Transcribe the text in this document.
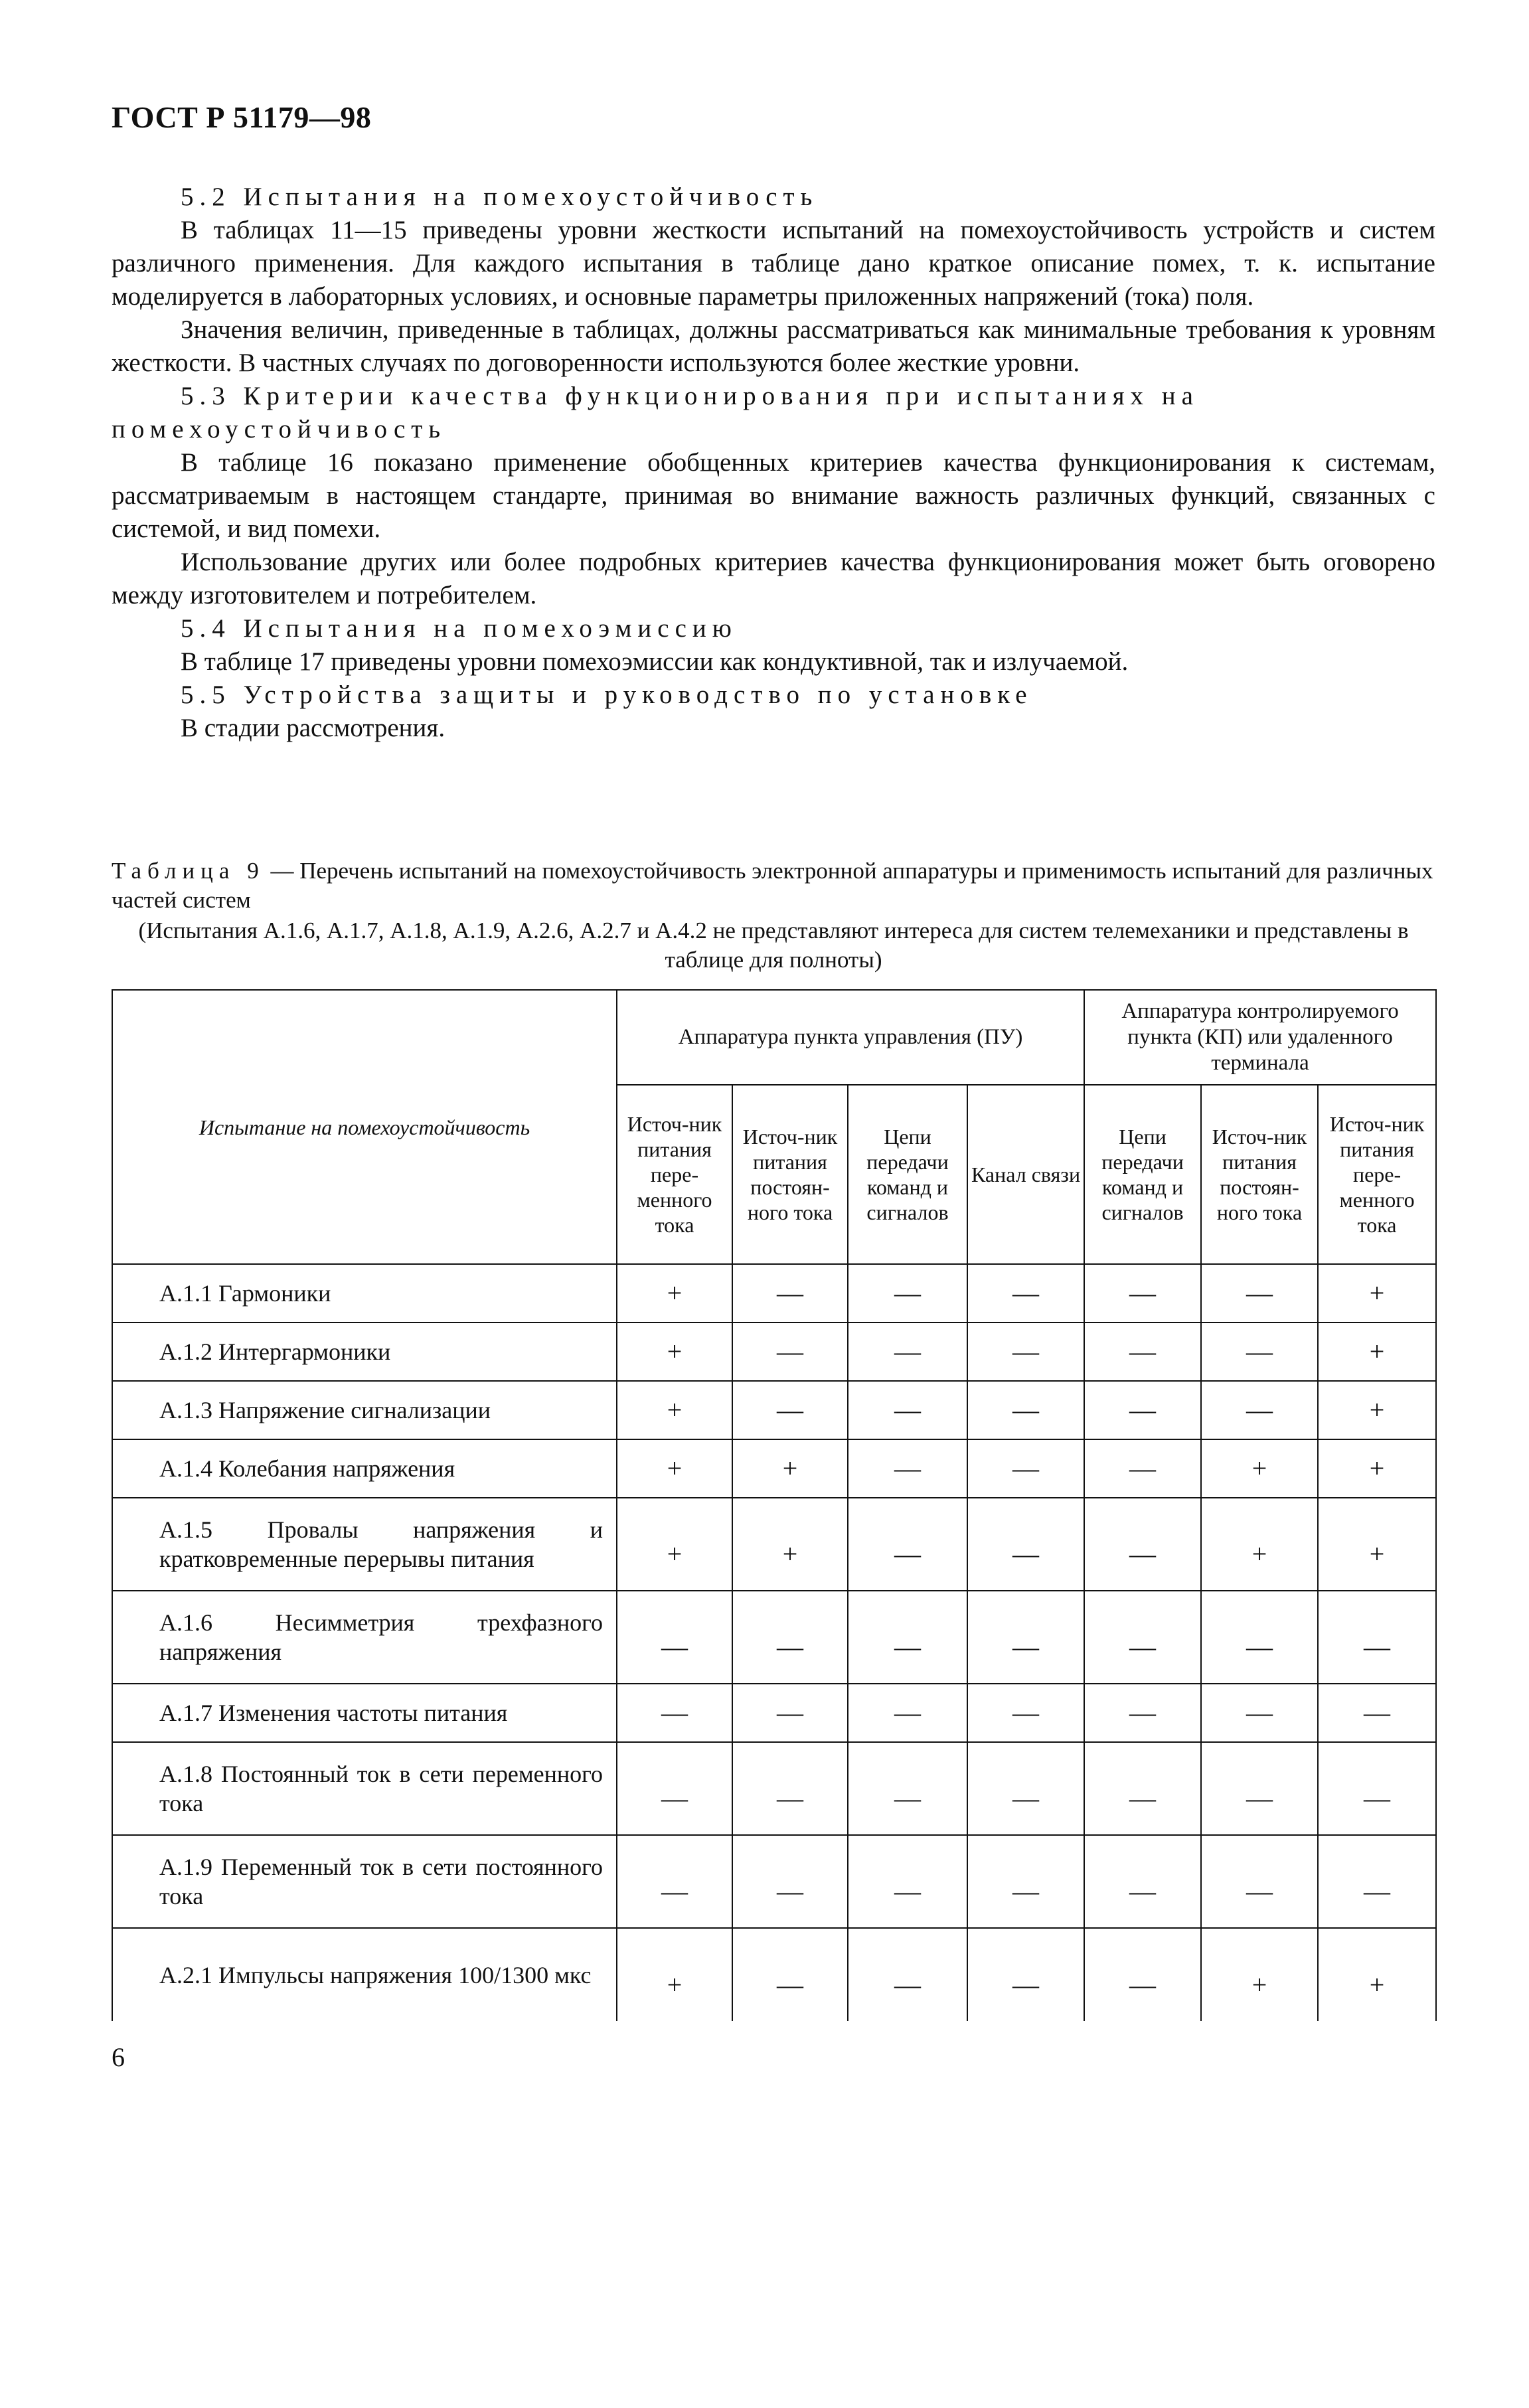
ГОСТ Р 51179—98

5.2 Испытания на помехоустойчивость

В таблицах 11—15 приведены уровни жесткости испытаний на помехоустойчивость устройств и систем различного применения. Для каждого испытания в таблице дано краткое описание помех, т. к. испытание моделируется в лабораторных условиях, и основные параметры приложенных напряжений (тока) поля.

Значения величин, приведенные в таблицах, должны рассматриваться как минимальные требования к уровням жесткости. В частных случаях по договоренности используются более жесткие уровни.

5.3 Критерии качества функционирования при испытаниях на помехоустойчивость

В таблице 16 показано применение обобщенных критериев качества функционирования к системам, рассматриваемым в настоящем стандарте, принимая во внимание важность различных функций, связанных с системой, и вид помехи.

Использование других или более подробных критериев качества функционирования может быть оговорено между изготовителем и потребителем.

5.4 Испытания на помехоэмиссию

В таблице 17 приведены уровни помехоэмиссии как кондуктивной, так и излучаемой.

5.5 Устройства защиты и руководство по установке

В стадии рассмотрения.

Таблица 9 — Перечень испытаний на помехоустойчивость электронной аппаратуры и применимость испытаний для различных частей систем
(Испытания А.1.6, А.1.7, А.1.8, А.1.9, А.2.6, А.2.7 и А.4.2 не представляют интереса для систем телемеханики и представлены в таблице для полноты)
Испытание на помехоустойчивость	Аппаратура пункта управления (ПУ)				Аппаратура контролируемого пункта (КП) или удаленного терминала		
	Источ-ник питания пере-менного тока	Источ-ник питания постоян-ного тока	Цепи передачи команд и сигналов	Канал связи	Цепи передачи команд и сигналов	Источ-ник питания постоян-ного тока	Источ-ник питания пере-менного тока
А.1.1 Гармоники	+	—	—	—	—	—	+
А.1.2 Интергармоники	+	—	—	—	—	—	+
А.1.3 Напряжение сигнализации	+	—	—	—	—	—	+
А.1.4 Колебания напряжения	+	+	—	—	—	+	+
А.1.5 Провалы напряжения и кратковременные перерывы питания	+	+	—	—	—	+	+
А.1.6 Несимметрия трехфазного напряжения	—	—	—	—	—	—	—
А.1.7 Изменения частоты питания	—	—	—	—	—	—	—
А.1.8 Постоянный ток в сети переменного тока	—	—	—	—	—	—	—
А.1.9 Переменный ток в сети постоянного тока	—	—	—	—	—	—	—
А.2.1 Импульсы напряжения 100/1300 мкс	+	—	—	—	—	+	+
6
